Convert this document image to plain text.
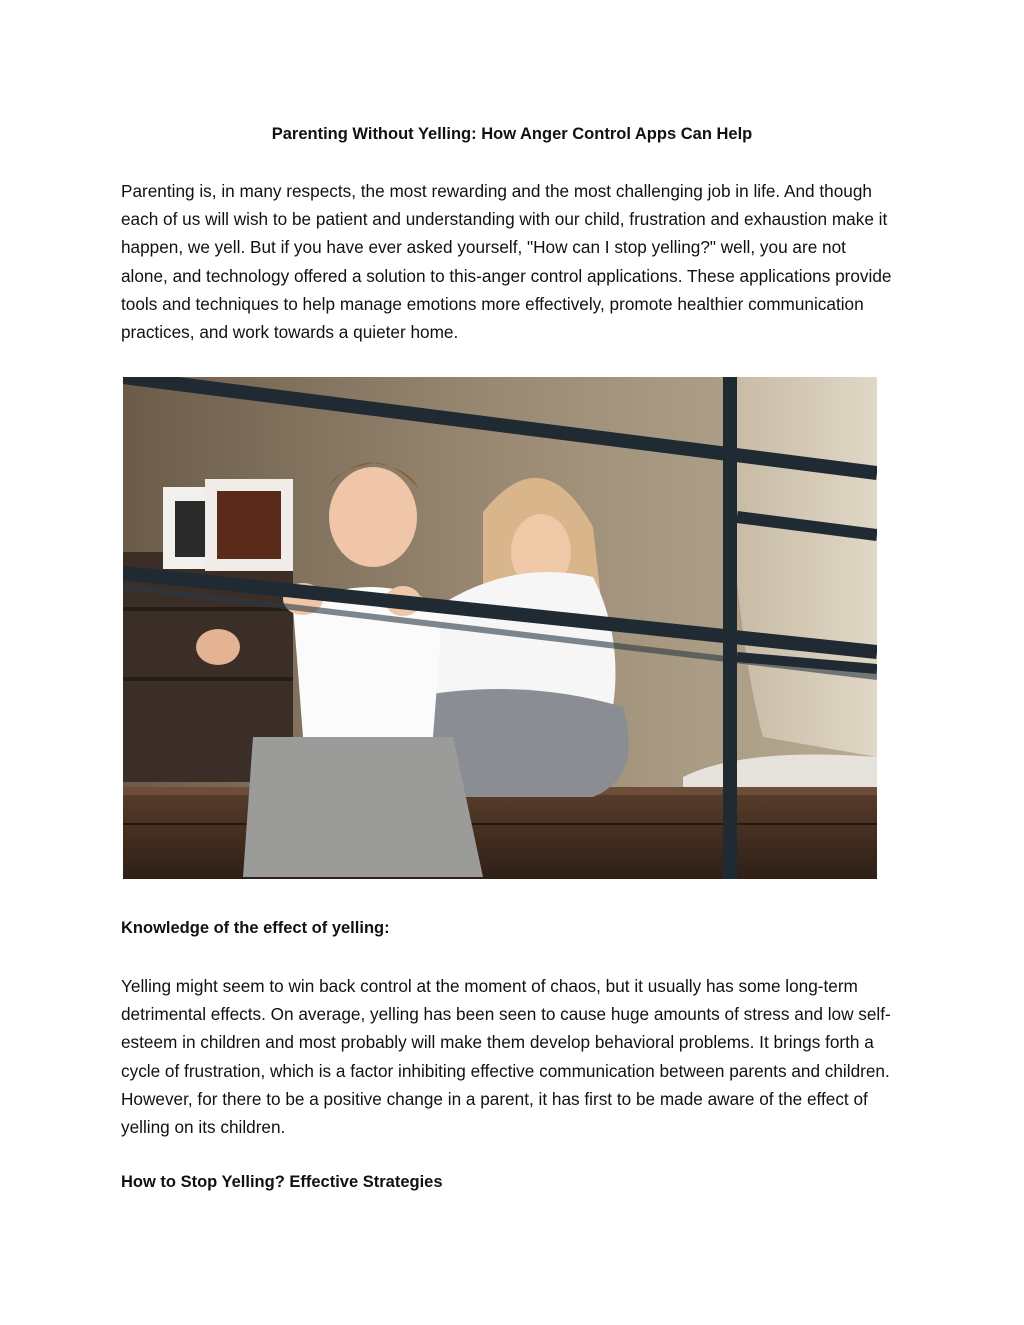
Parenting Without Yelling: How Anger Control Apps Can Help

Parenting is, in many respects, the most rewarding and the most challenging job in life. And though each of us will wish to be patient and understanding with our child, frustration and exhaustion make it happen, we yell. But if you have ever asked yourself, "How can I stop yelling?" well, you are not alone, and technology offered a solution to this-anger control applications. These applications provide tools and techniques to help manage emotions more effectively, promote healthier communication practices, and work towards a quieter home.

Knowledge of the effect of yelling:

Yelling might seem to win back control at the moment of chaos, but it usually has some long-term detrimental effects. On average, yelling has been seen to cause huge amounts of stress and low self-esteem in children and most probably will make them develop behavioral problems. It brings forth a cycle of frustration, which is a factor inhibiting effective communication between parents and children. However, for there to be a positive change in a parent, it has first to be made aware of the effect of yelling on its children.

How to Stop Yelling? Effective Strategies
